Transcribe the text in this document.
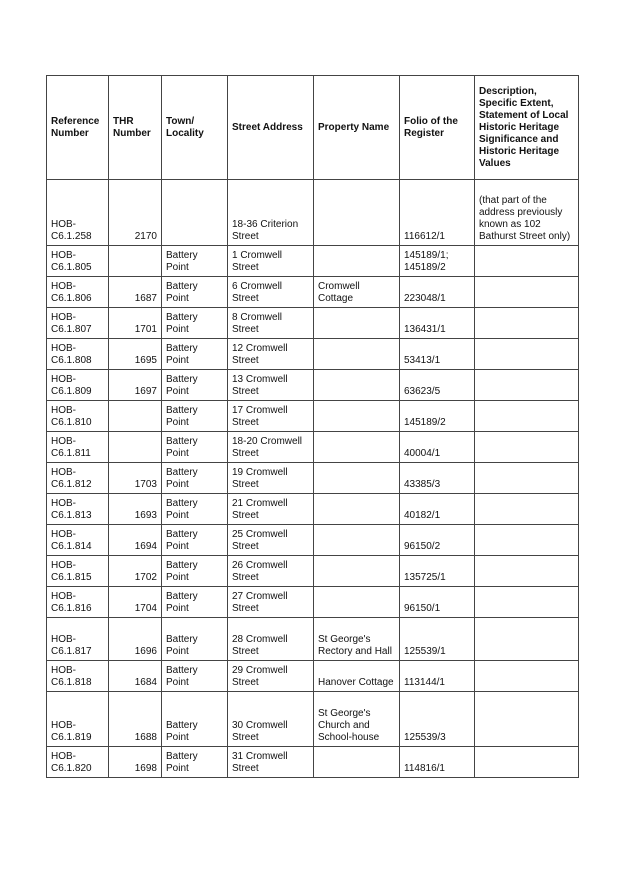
Reference Number	THR Number	Town/ Locality	Street Address	Property Name	Folio of the Register	Description, Specific Extent, Statement of Local Historic Heritage Significance and Historic Heritage Values
HOB-C6.1.258	2170		18-36 Criterion Street		116612/1	(that part of the address previously known as 102 Bathurst Street only)
HOB-C6.1.805		Battery Point	1 Cromwell Street		145189/1; 145189/2	
HOB-C6.1.806	1687	Battery Point	6 Cromwell Street	Cromwell Cottage	223048/1	
HOB-C6.1.807	1701	Battery Point	8 Cromwell Street		136431/1	
HOB-C6.1.808	1695	Battery Point	12 Cromwell Street		53413/1	
HOB-C6.1.809	1697	Battery Point	13 Cromwell Street		63623/5	
HOB-C6.1.810		Battery Point	17 Cromwell Street		145189/2	
HOB-C6.1.811		Battery Point	18-20 Cromwell Street		40004/1	
HOB-C6.1.812	1703	Battery Point	19 Cromwell Street		43385/3	
HOB-C6.1.813	1693	Battery Point	21 Cromwell Street		40182/1	
HOB-C6.1.814	1694	Battery Point	25 Cromwell Street		96150/2	
HOB-C6.1.815	1702	Battery Point	26 Cromwell Street		135725/1	
HOB-C6.1.816	1704	Battery Point	27 Cromwell Street		96150/1	
HOB-C6.1.817	1696	Battery Point	28 Cromwell Street	St George's Rectory and Hall	125539/1	
HOB-C6.1.818	1684	Battery Point	29 Cromwell Street	Hanover Cottage	113144/1	
HOB-C6.1.819	1688	Battery Point	30 Cromwell Street	St George's Church and School-house	125539/3	
HOB-C6.1.820	1698	Battery Point	31 Cromwell Street		114816/1	
